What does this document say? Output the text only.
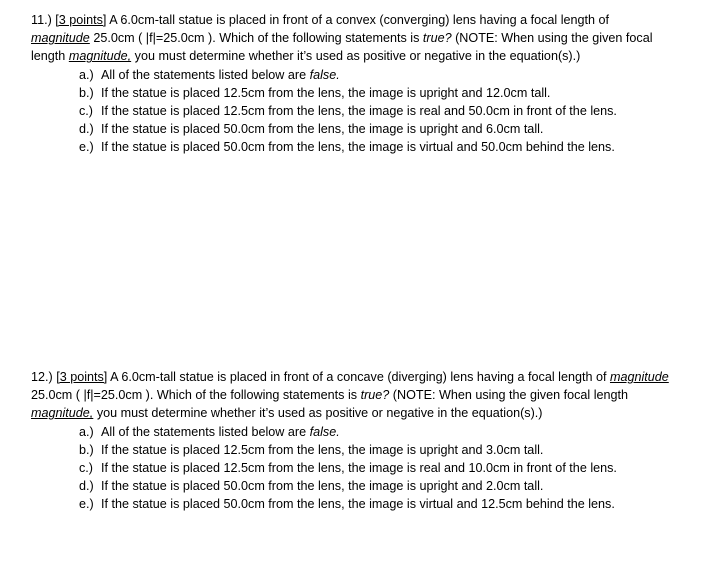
11.) [3 points] A 6.0cm-tall statue is placed in front of a convex (converging) lens having a focal length of magnitude 25.0cm ( |f|=25.0cm ). Which of the following statements is true? (NOTE: When using the given focal length magnitude, you must determine whether it’s used as positive or negative in the equation(s).)

a.) All of the statements listed below are false.
b.) If the statue is placed 12.5cm from the lens, the image is upright and 12.0cm tall.
c.) If the statue is placed 12.5cm from the lens, the image is real and 50.0cm in front of the lens.
d.) If the statue is placed 50.0cm from the lens, the image is upright and 6.0cm tall.
e.) If the statue is placed 50.0cm from the lens, the image is virtual and 50.0cm behind the lens.

12.) [3 points] A 6.0cm-tall statue is placed in front of a concave (diverging) lens having a focal length of magnitude 25.0cm ( |f|=25.0cm ). Which of the following statements is true? (NOTE: When using the given focal length magnitude, you must determine whether it’s used as positive or negative in the equation(s).)

a.) All of the statements listed below are false.
b.) If the statue is placed 12.5cm from the lens, the image is upright and 3.0cm tall.
c.) If the statue is placed 12.5cm from the lens, the image is real and 10.0cm in front of the lens.
d.) If the statue is placed 50.0cm from the lens, the image is upright and 2.0cm tall.
e.) If the statue is placed 50.0cm from the lens, the image is virtual and 12.5cm behind the lens.
